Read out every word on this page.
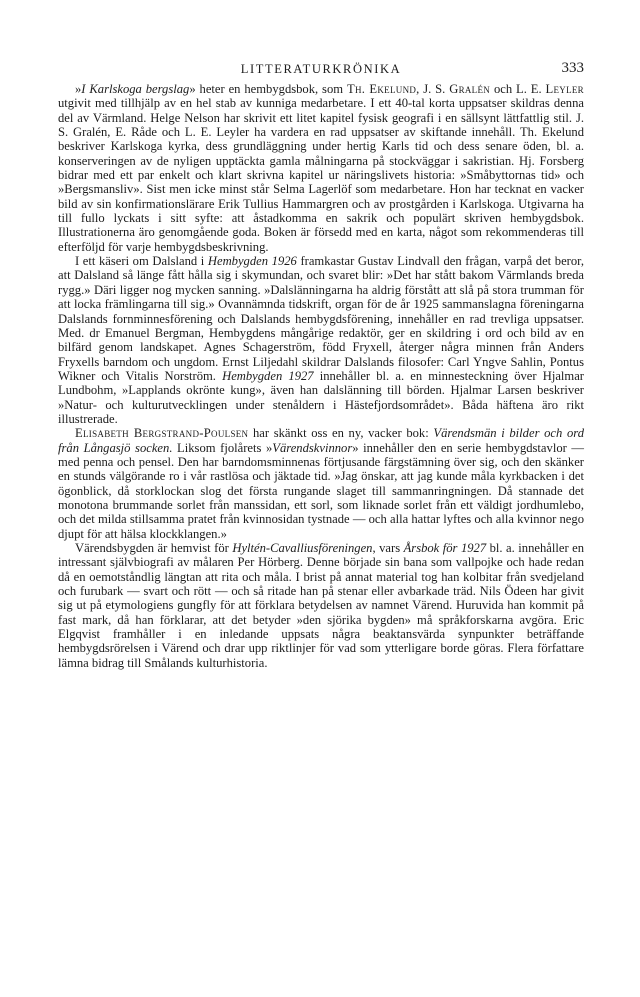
LITTERATURKRÖNIKA	333

»I Karlskoga bergslag» heter en hembygdsbok, som Th. Ekelund, J. S. Gralén och L. E. Leyler utgivit med tillhjälp av en hel stab av kunniga medarbetare. I ett 40-tal korta uppsatser skildras denna del av Värmland. Helge Nelson har skrivit ett litet kapitel fysisk geografi i en sällsynt lättfattlig stil. J. S. Gralén, E. Råde och L. E. Leyler ha vardera en rad uppsatser av skiftande innehåll. Th. Ekelund beskriver Karlskoga kyrka, dess grundläggning under hertig Karls tid och dess senare öden, bl. a. konserveringen av de nyligen upptäckta gamla målningarna på stockväggar i sakristian. Hj. Forsberg bidrar med ett par enkelt och klart skrivna kapitel ur näringslivets historia: »Småbyttornas tid» och »Bergsmansliv». Sist men icke minst står Selma Lagerlöf som medarbetare. Hon har tecknat en vacker bild av sin konfirmationslärare Erik Tullius Hammargren och av prostgården i Karlskoga. Utgivarna ha till fullo lyckats i sitt syfte: att åstadkomma en sakrik och populärt skriven hembygdsbok. Illustrationerna äro genomgående goda. Boken är försedd med en karta, något som rekommenderas till efterföljd för varje hembygdsbeskrivning.

I ett käseri om Dalsland i Hembygden 1926 framkastar Gustav Lindvall den frågan, varpå det beror, att Dalsland så länge fått hålla sig i skymundan, och svaret blir: »Det har stått bakom Värmlands breda rygg.» Däri ligger nog mycken sanning. »Dalslänningarna ha aldrig förstått att slå på stora trumman för att locka främlingarna till sig.» Ovannämnda tidskrift, organ för de år 1925 sammanslagna föreningarna Dalslands fornminnesförening och Dalslands hembygdsförening, innehåller en rad trevliga uppsatser. Med. dr Emanuel Bergman, Hembygdens mångårige redaktör, ger en skildring i ord och bild av en bilfärd genom landskapet. Agnes Schagerström, född Fryxell, återger några minnen från Anders Fryxells barndom och ungdom. Ernst Liljedahl skildrar Dalslands filosofer: Carl Yngve Sahlin, Pontus Wikner och Vitalis Norström. Hembygden 1927 innehåller bl. a. en minnesteckning över Hjalmar Lundbohm, »Lapplands okrönte kung», även han dalslänning till börden. Hjalmar Larsen beskriver »Natur- och kulturutvecklingen under stenåldern i Hästefjordsområdet». Båda häftena äro rikt illustrerade.

Elisabeth Bergstrand-Poulsen har skänkt oss en ny, vacker bok: Värendsmän i bilder och ord från Långasjö socken. Liksom fjolårets »Värendskvinnor» innehåller den en serie hembygdstavlor — med penna och pensel. Den har barndomsminnenas förtjusande färgstämning över sig, och den skänker en stunds välgörande ro i vår rastlösa och jäktade tid. »Jag önskar, att jag kunde måla kyrkbacken i det ögonblick, då storklockan slog det första rungande slaget till sammanringningen. Då stannade det monotona brummande sorlet från manssidan, ett sorl, som liknade sorlet från ett väldigt jordhumlebo, och det milda stillsamma pratet från kvinnosidan tystnade — och alla hattar lyftes och alla kvinnor nego djupt för att hälsa klockklangen.»

Värendsbygden är hemvist för Hyltén-Cavalliusföreningen, vars Årsbok för 1927 bl. a. innehåller en intressant självbiografi av målaren Per Hörberg. Denne började sin bana som vallpojke och hade redan då en oemotståndlig längtan att rita och måla. I brist på annat material tog han kolbitar från svedjeland och furubark — svart och rött — och så ritade han på stenar eller avbarkade träd. Nils Ödeen har givit sig ut på etymologiens gungfly för att förklara betydelsen av namnet Värend. Huruvida han kommit på fast mark, då han förklarar, att det betyder »den sjörika bygden» må språkforskarna avgöra. Eric Elgqvist framhåller i en inledande uppsats några beaktansvärda synpunkter beträffande hembygdsrörelsen i Värend och drar upp riktlinjer för vad som ytterligare borde göras. Flera författare lämna bidrag till Smålands kulturhistoria.
